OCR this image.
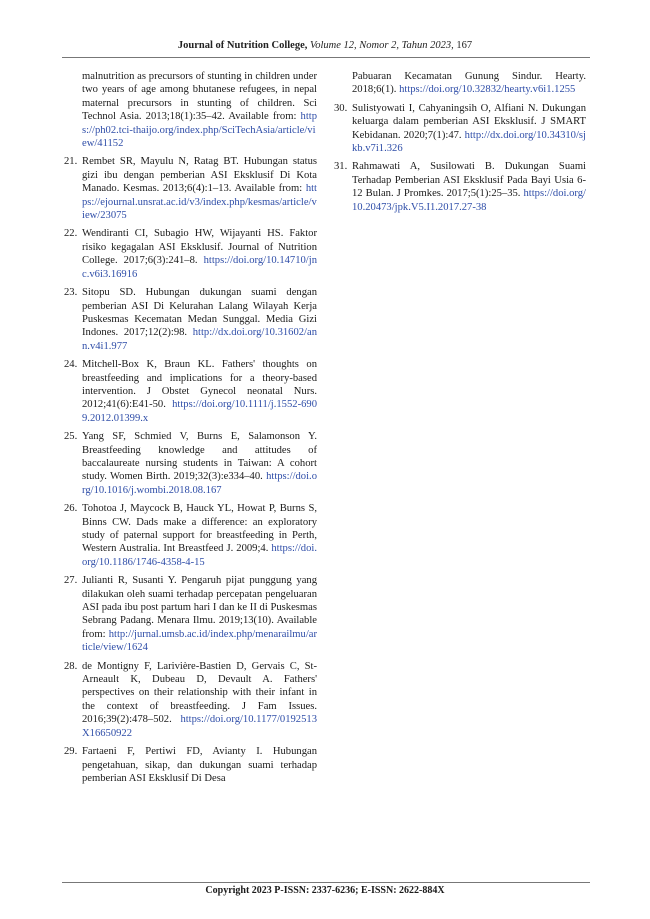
Journal of Nutrition College, Volume 12, Nomor 2, Tahun 2023, 167
malnutrition as precursors of stunting in children under two years of age among bhutanese refugees, in nepal maternal precursors in stunting of children. Sci Technol Asia. 2013;18(1):35–42. Available from: https://ph02.tci-thaijo.org/index.php/SciTechAsia/article/view/41152
21. Rembet SR, Mayulu N, Ratag BT. Hubungan status gizi ibu dengan pemberian ASI Eksklusif Di Kota Manado. Kesmas. 2013;6(4):1–13. Available from: https://ejournal.unsrat.ac.id/v3/index.php/kesmas/article/view/23075
22. Wendiranti CI, Subagio HW, Wijayanti HS. Faktor risiko kegagalan ASI Eksklusif. Journal of Nutrition College. 2017;6(3):241–8. https://doi.org/10.14710/jnc.v6i3.16916
23. Sitopu SD. Hubungan dukungan suami dengan pemberian ASI Di Kelurahan Lalang Wilayah Kerja Puskesmas Kecematan Medan Sunggal. Media Gizi Indones. 2017;12(2):98. http://dx.doi.org/10.31602/ann.v4i1.977
24. Mitchell-Box K, Braun KL. Fathers' thoughts on breastfeeding and implications for a theory-based intervention. J Obstet Gynecol neonatal Nurs. 2012;41(6):E41-50. https://doi.org/10.1111/j.1552-6909.2012.01399.x
25. Yang SF, Schmied V, Burns E, Salamonson Y. Breastfeeding knowledge and attitudes of baccalaureate nursing students in Taiwan: A cohort study. Women Birth. 2019;32(3):e334–40. https://doi.org/10.1016/j.wombi.2018.08.167
26. Tohotoa J, Maycock B, Hauck YL, Howat P, Burns S, Binns CW. Dads make a difference: an exploratory study of paternal support for breastfeeding in Perth, Western Australia. Int Breastfeed J. 2009;4. https://doi.org/10.1186/1746-4358-4-15
27. Julianti R, Susanti Y. Pengaruh pijat punggung yang dilakukan oleh suami terhadap percepatan pengeluaran ASI pada ibu post partum hari I dan ke II di Puskesmas Sebrang Padang. Menara Ilmu. 2019;13(10). Available from: http://jurnal.umsb.ac.id/index.php/menarailmu/article/view/1624
28. de Montigny F, Larivière-Bastien D, Gervais C, St-Arneault K, Dubeau D, Devault A. Fathers' perspectives on their relationship with their infant in the context of breastfeeding. J Fam Issues. 2016;39(2):478–502. https://doi.org/10.1177/0192513X16650922
29. Fartaeni F, Pertiwi FD, Avianty I. Hubungan pengetahuan, sikap, dan dukungan suami terhadap pemberian ASI Eksklusif Di Desa
Pabuaran Kecamatan Gunung Sindur. Hearty. 2018;6(1). https://doi.org/10.32832/hearty.v6i1.1255
30. Sulistyowati I, Cahyaningsih O, Alfiani N. Dukungan keluarga dalam pemberian ASI Eksklusif. J SMART Kebidanan. 2020;7(1):47. http://dx.doi.org/10.34310/sjkb.v7i1.326
31. Rahmawati A, Susilowati B. Dukungan Suami Terhadap Pemberian ASI Eksklusif Pada Bayi Usia 6-12 Bulan. J Promkes. 2017;5(1):25–35. https://doi.org/10.20473/jpk.V5.I1.2017.27-38
Copyright 2023 P-ISSN: 2337-6236; E-ISSN: 2622-884X
